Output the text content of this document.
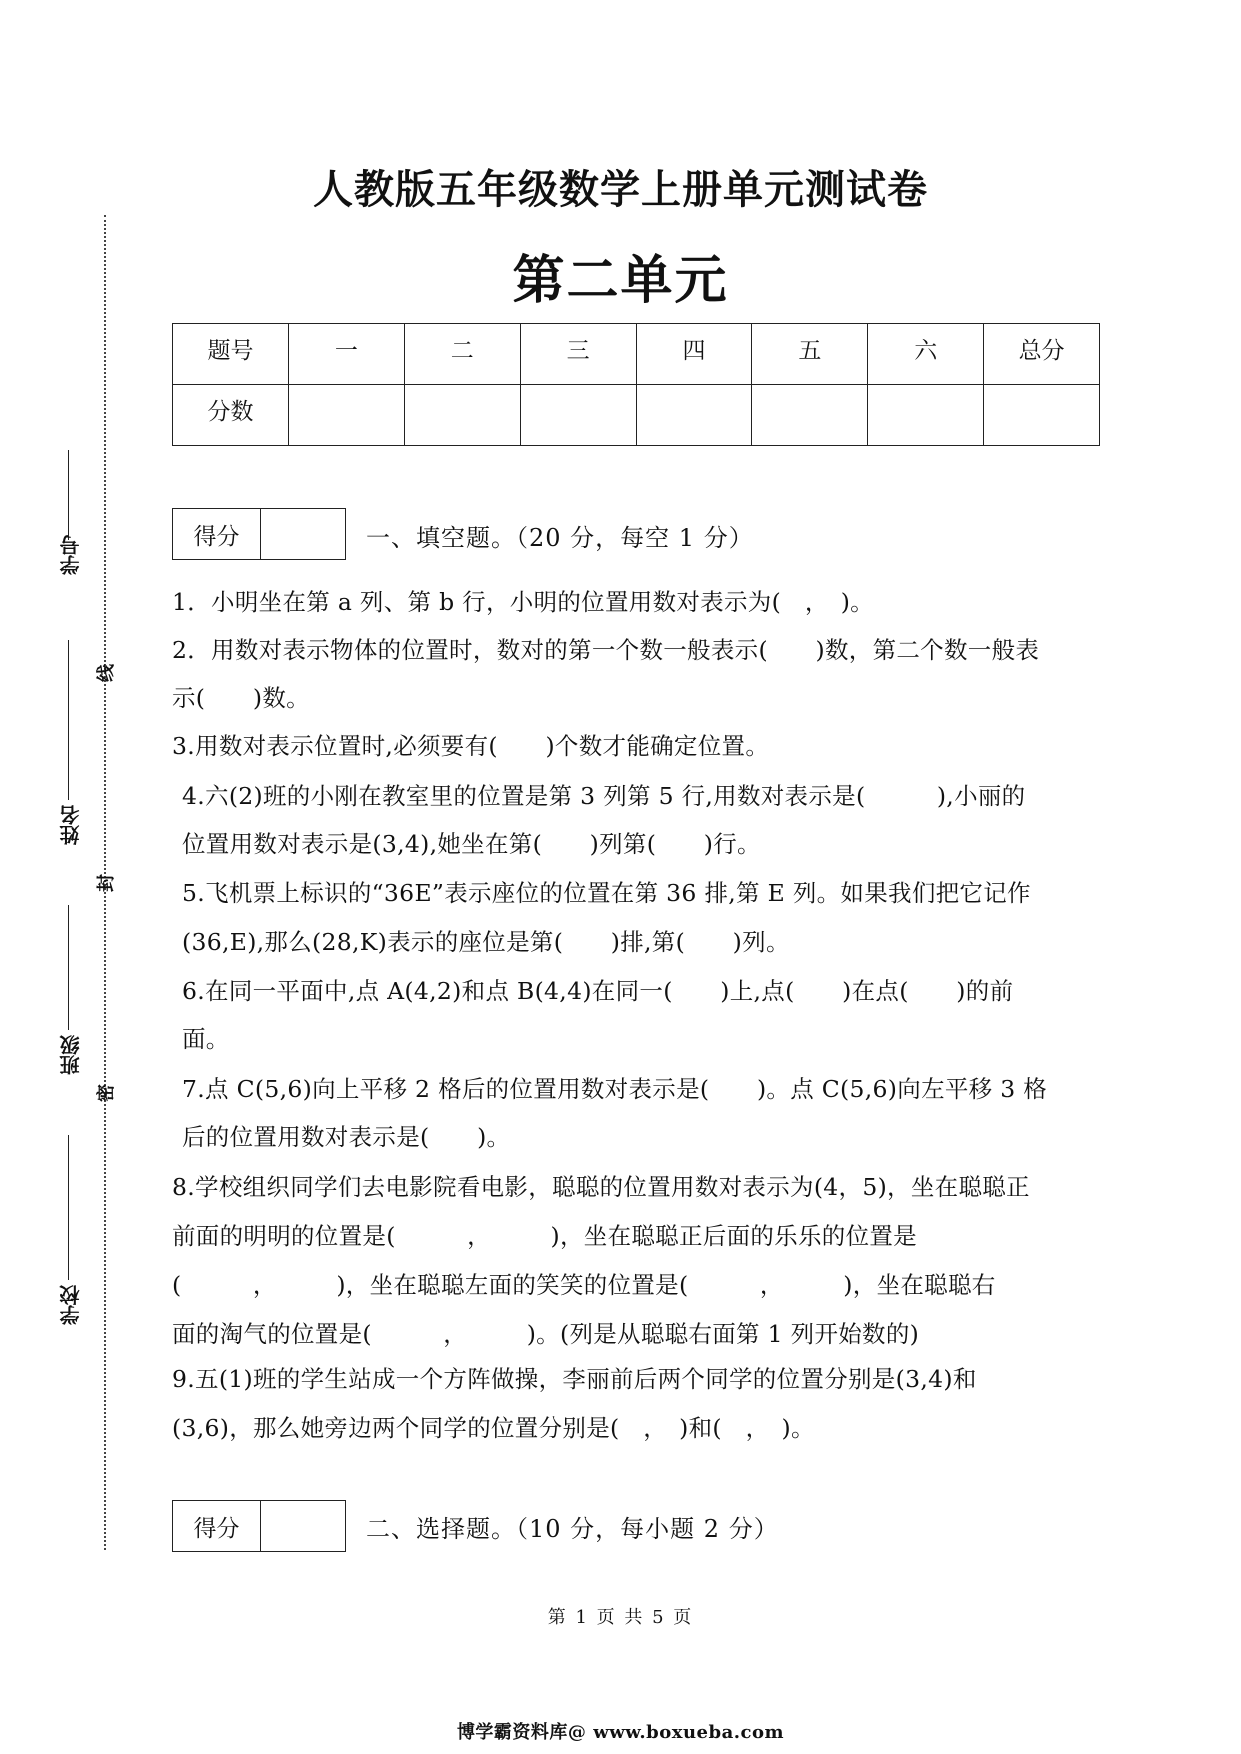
学号
姓名
班级
学校
线
封
密
人教版五年级数学上册单元测试卷
第二单元
题号	一	二	三	四	五	六	总分
分数							
得分	一、填空题。（20 分，每空 1 分）
1．小明坐在第 a 列、第 b 行，小明的位置用数对表示为(　，　)。
2．用数对表示物体的位置时，数对的第一个数一般表示(　　)数，第二个数一般表
示(　　)数。
3.用数对表示位置时,必须要有(　　)个数才能确定位置。
4.六(2)班的小刚在教室里的位置是第 3 列第 5 行,用数对表示是(　　　),小丽的
位置用数对表示是(3,4),她坐在第(　　)列第(　　)行。
5.飞机票上标识的“36E”表示座位的位置在第 36 排,第 E 列。如果我们把它记作
(36,E),那么(28,K)表示的座位是第(　　)排,第(　　)列。
6.在同一平面中,点 A(4,2)和点 B(4,4)在同一(　　)上,点(　　)在点(　　)的前
面。
7.点 C(5,6)向上平移 2 格后的位置用数对表示是(　　)。点 C(5,6)向左平移 3 格
后的位置用数对表示是(　　)。
8.学校组织同学们去电影院看电影，聪聪的位置用数对表示为(4，5)，坐在聪聪正
前面的明明的位置是(　　　，　　　)，坐在聪聪正后面的乐乐的位置是
(　　　，　　　)，坐在聪聪左面的笑笑的位置是(　　　，　　　)，坐在聪聪右
面的淘气的位置是(　　　，　　　)。(列是从聪聪右面第 1 列开始数的)
9.五(1)班的学生站成一个方阵做操，李丽前后两个同学的位置分别是(3,4)和
(3,6)，那么她旁边两个同学的位置分别是(　，　)和(　，　)。
得分	二、选择题。（10 分，每小题 2 分）
第 1 页 共 5 页
博学霸资料库@ www.boxueba.com
